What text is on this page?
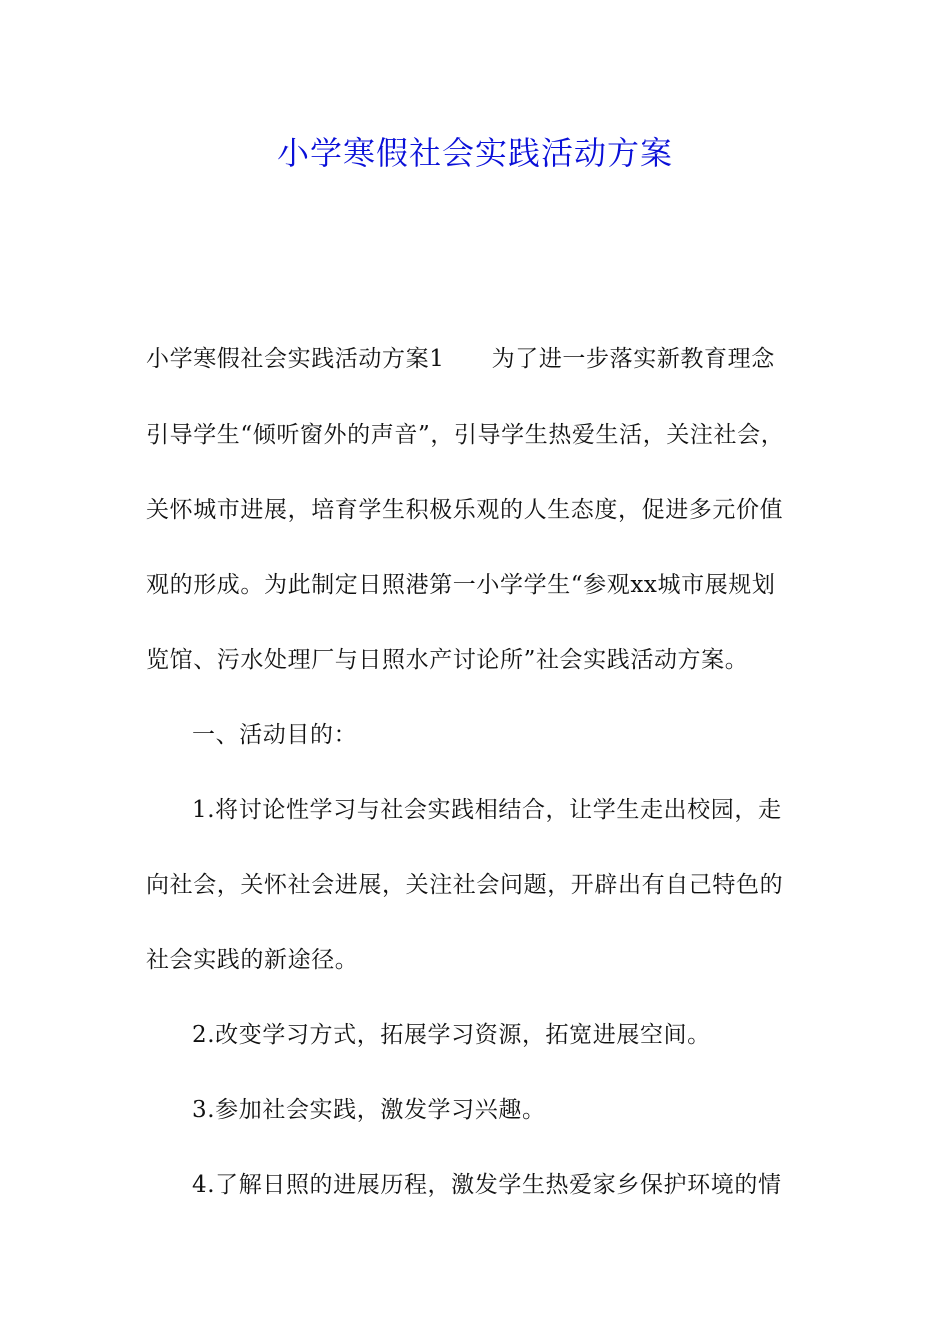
小学寒假社会实践活动方案
小学寒假社会实践活动方案1　　为了进一步落实新教育理念
引导学生“倾听窗外的声音”，引导学生热爱生活，关注社会，
关怀城市进展，培育学生积极乐观的人生态度，促进多元价值
观的形成。为此制定日照港第一小学学生“参观xx城市展规划
览馆、污水处理厂与日照水产讨论所”社会实践活动方案。
一、活动目的：
1.将讨论性学习与社会实践相结合，让学生走出校园，走
向社会，关怀社会进展，关注社会问题，开辟出有自己特色的
社会实践的新途径。
2.改变学习方式，拓展学习资源，拓宽进展空间。
3.参加社会实践，激发学习兴趣。
4.了解日照的进展历程，激发学生热爱家乡保护环境的情
